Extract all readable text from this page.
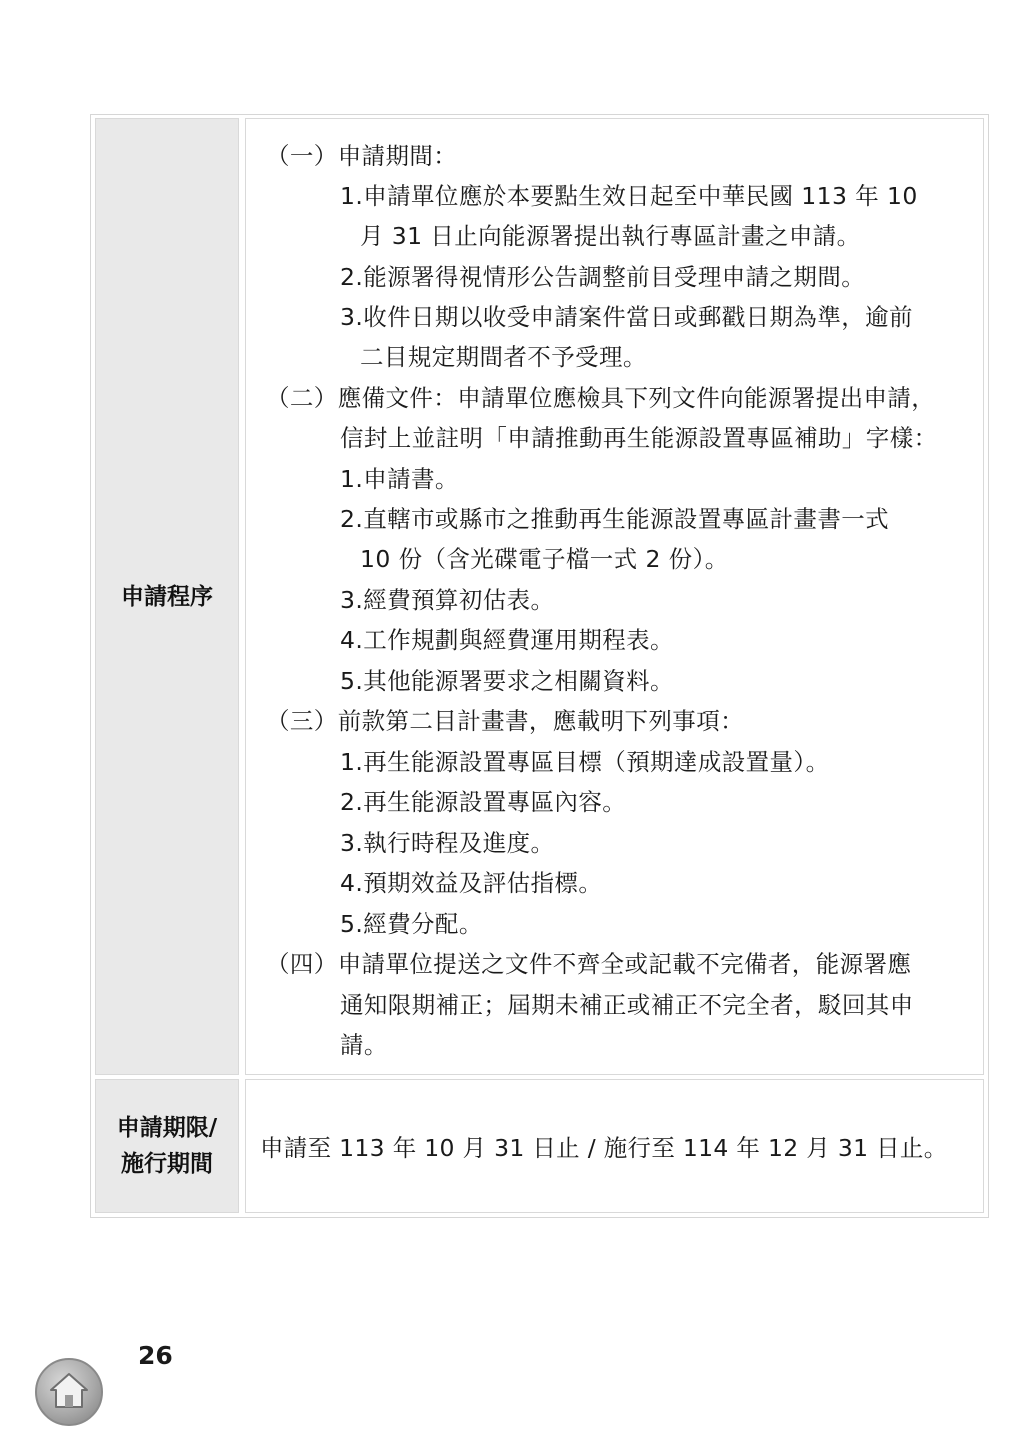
申請程序
（一）申請期間：
1.申請單位應於本要點生效日起至中華民國 113 年 10
月 31 日止向能源署提出執行專區計畫之申請。
2.能源署得視情形公告調整前目受理申請之期間。
3.收件日期以收受申請案件當日或郵戳日期為準，逾前
二目規定期間者不予受理。
（二）應備文件：申請單位應檢具下列文件向能源署提出申請，
信封上並註明「申請推動再生能源設置專區補助」字樣：
1.申請書。
2.直轄市或縣市之推動再生能源設置專區計畫書一式
10 份（含光碟電子檔一式 2 份）。
3.經費預算初估表。
4.工作規劃與經費運用期程表。
5.其他能源署要求之相關資料。
（三）前款第二目計畫書，應載明下列事項：
1.再生能源設置專區目標（預期達成設置量）。
2.再生能源設置專區內容。
3.執行時程及進度。
4.預期效益及評估指標。
5.經費分配。
（四）申請單位提送之文件不齊全或記載不完備者，能源署應
通知限期補正；屆期未補正或補正不完全者，駁回其申
請。
申請期限/
施行期間
申請至 113 年 10 月 31 日止 / 施行至 114 年 12 月 31 日止。
26
